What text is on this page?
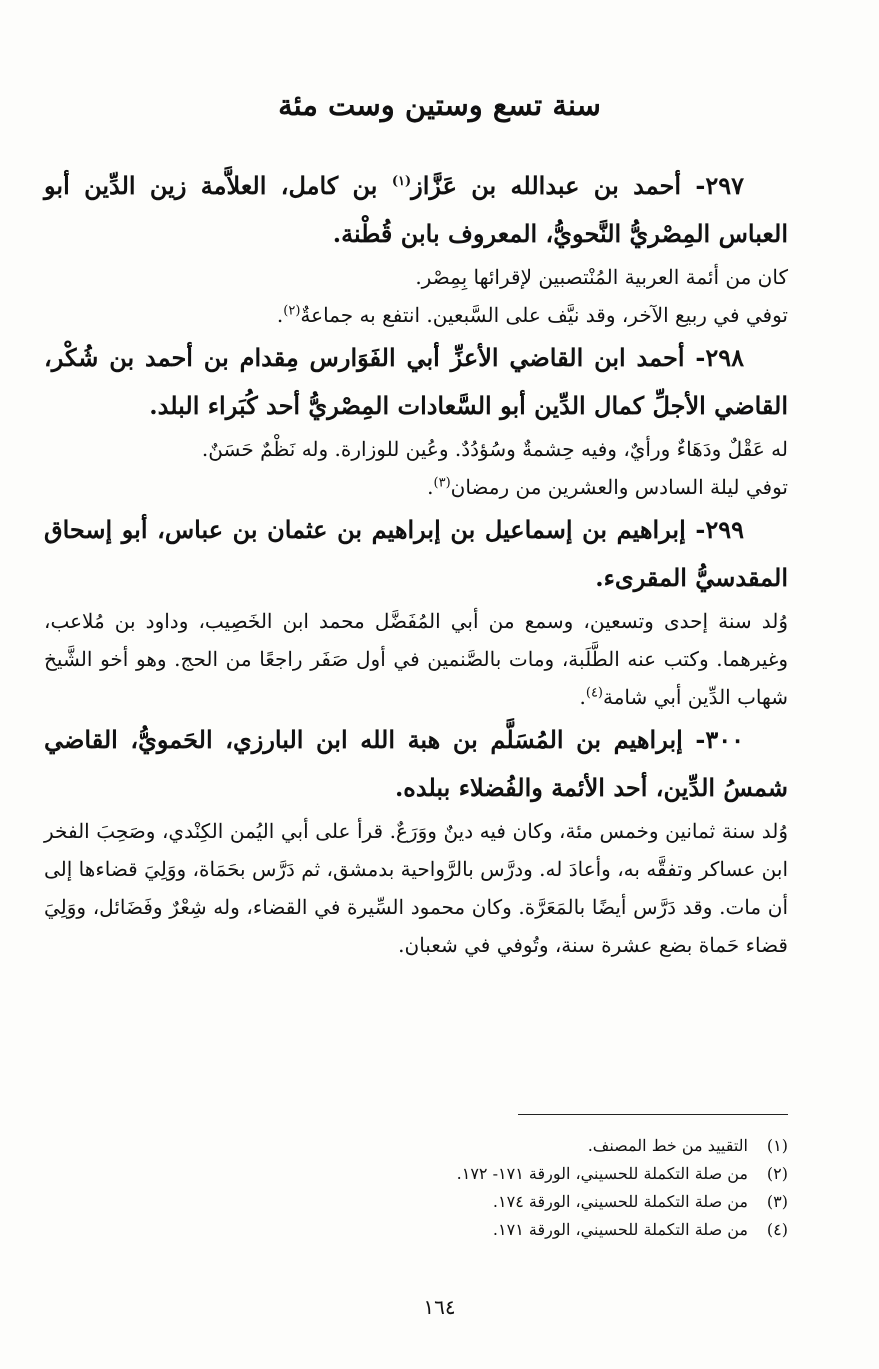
سنة تسع وستين وست مئة

٢٩٧- أحمد بن عبدالله بن عَزَّاز$^{(١)}$ بن كامل، العلاَّمة زين الدِّين أبو العباس المِصْريُّ النَّحويُّ، المعروف بابن قُطْنة.

كان من أئمة العربية المُنْتصبين لإقرائها بِمِصْر.

توفي في ربيع الآخر، وقد نيَّف على السَّبعين. انتفع به جماعةٌ$^{(٢)}$.

٢٩٨- أحمد ابن القاضي الأعزِّ أبي الفَوَارس مِقدام بن أحمد بن شُكْر، القاضي الأجلِّ كمال الدِّين أبو السَّعادات المِصْريُّ أحد كُبَراء البلد.

له عَقْلٌ ودَهَاءٌ ورأيٌ، وفيه حِشمةٌ وسُؤدُدٌ. وعُين للوزارة. وله نَظْمٌ حَسَنٌ.

توفي ليلة السادس والعشرين من رمضان$^{(٣)}$.

٢٩٩- إبراهيم بن إسماعيل بن إبراهيم بن عثمان بن عباس، أبو إسحاق المقدسيُّ المقرىء.

وُلد سنة إحدى وتسعين، وسمع من أبي المُفَضَّل محمد ابن الخَصِيب، وداود بن مُلاعب، وغيرهما. وكتب عنه الطَّلَبة، ومات بالصَّنمين في أول صَفَر راجعًا من الحج. وهو أخو الشَّيخ شهاب الدِّين أبي شامة$^{(٤)}$.

٣٠٠- إبراهيم بن المُسَلَّم بن هبة الله ابن البارزي، الحَمويُّ، القاضي شمسُ الدِّين، أحد الأئمة والفُضلاء ببلده.

وُلد سنة ثمانين وخمس مئة، وكان فيه دينٌ ووَرَعٌ. قرأ على أبي اليُمن الكِنْدي، وصَحِبَ الفخر ابن عساكر وتفقَّه به، وأعادَ له. ودرَّس بالرَّواحية بدمشق، ثم دَرَّس بحَمَاة، ووَلِيَ قضاءها إلى أن مات. وقد دَرَّس أيضًا بالمَعَرَّة. وكان محمود السِّيرة في القضاء، وله شِعْرٌ وفَضَائل، ووَلِيَ قضاء حَماة بضع عشرة سنة، وتُوفي في شعبان.

(١)
التقييد من خط المصنف.
(٢)
من صلة التكملة للحسيني، الورقة ١٧١- ١٧٢.
(٣)
من صلة التكملة للحسيني، الورقة ١٧٤.
(٤)
من صلة التكملة للحسيني، الورقة ١٧١.
١٦٤
